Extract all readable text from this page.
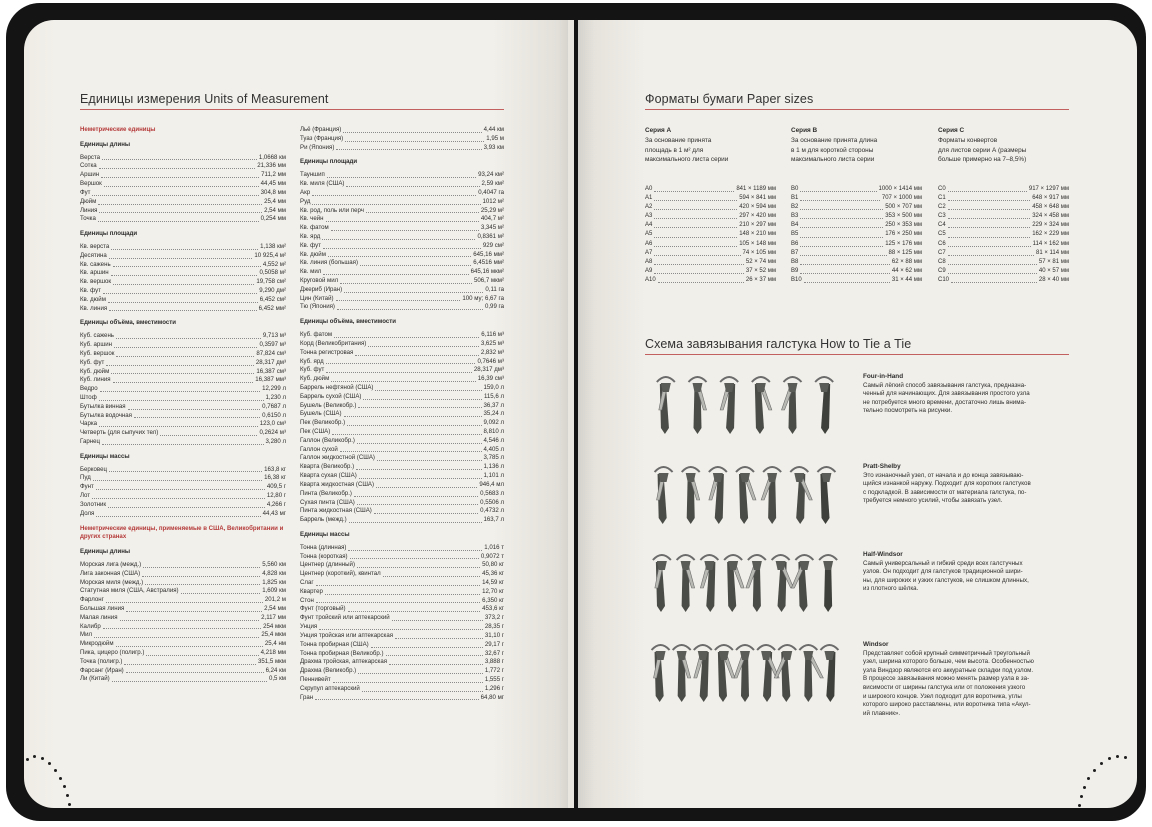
Единицы измерения Units of Measurement
Неметрические единицы
Единицы длины
Верста	1,0668 км
Сотка	21,336 мм
Аршин	711,2 мм
Вершок	44,45 мм
Фут	304,8 мм
Дюйм	25,4 мм
Линия	2,54 мм
Точка	0,254 мм
Единицы площади
Кв. верста	1,138 км²
Десятина	10 925,4 м²
Кв. сажень	4,552 м²
Кв. аршин	0,5058 м²
Кв. вершок	19,758 см²
Кв. фут	9,290 дм²
Кв. дюйм	6,452 см²
Кв. линия	6,452 мм²
Единицы объёма, вместимости
Куб. сажень	9,713 м³
Куб. аршин	0,3597 м³
Куб. вершок	87,824 см³
Куб. фут	28,317 дм³
Куб. дюйм	16,387 см³
Куб. линия	16,387 мм³
Ведро	12,299 л
Штоф	1,230 л
Бутылка винная	0,7687 л
Бутылка водочная	0,6150 л
Чарка	123,0 см³
Четверть (для сыпучих тел)	0,2624 м³
Гарнец	3,280 л
Единицы массы
Берковец	163,8 кг
Пуд	16,38 кг
Фунт	409,5 г
Лот	12,80 г
Золотник	4,266 г
Доля	44,43 мг
Неметрические единицы, применяемые в США, Великобритании и других странах
Единицы длины
Морская лига (межд.)	5,560 км
Лига законная (США)	4,828 км
Морская миля (межд.)	1,825 км
Статутная миля (США, Австралия)	1,609 км
Фарлонг	201,2 м
Большая линия	2,54 мм
Малая линия	2,117 мм
Калибр	254 мкм
Мил	25,4 мкм
Микродюйм	25,4 нм
Пика, цицеро (полигр.)	4,218 мм
Точка (полигр.)	351,5 мкм
Фарсанг (Иран)	6,24 км
Ли (Китай)	0,5 км
Льё (Франция)	4,44 км
Туаз (Франция)	1,95 м
Ри (Япония)	3,93 км
Единицы площади
Тауншип	93,24 км²
Кв. миля (США)	2,59 км²
Акр	0,4047 га
Руд	1012 м²
Кв. род, поль или перч	25,29 м²
Кв. чейн	404,7 м²
Кв. фатом	3,345 м²
Кв. ярд	0,8361 м²
Кв. фут	929 см²
Кв. дюйм	645,16 мм²
Кв. линия (большая)	6,4516 мм²
Кв. мил	645,16 мкм²
Круговой мил	506,7 мкм²
Джериб (Иран)	0,11 га
Цин (Китай)	100 му; 6,67 га
Тю (Япония)	0,99 га
Единицы объёма, вместимости
Куб. фатом	6,116 м³
Корд (Великобритания)	3,625 м³
Тонна регистровая	2,832 м³
Куб. ярд	0,7646 м³
Куб. фут	28,317 дм³
Куб. дюйм	16,39 см³
Баррель нефтяной (США)	159,0 л
Баррель сухой (США)	115,6 л
Бушель (Великобр.)	36,37 л
Бушель (США)	35,24 л
Пек (Великобр.)	9,092 л
Пек (США)	8,810 л
Галлон (Великобр.)	4,546 л
Галлон сухой	4,405 л
Галлон жидкостной (США)	3,785 л
Кварта (Великобр.)	1,136 л
Кварта сухая (США)	1,101 л
Кварта жидкостная (США)	946,4 мл
Пинта (Великобр.)	0,5683 л
Сухая пинта (США)	0,5506 л
Пинта жидкостная (США)	0,4732 л
Баррель (межд.)	163,7 л
Единицы массы
Тонна (длинная)	1,016 т
Тонна (короткая)	0,9072 т
Центнер (длинный)	50,80 кг
Центнер (короткий), квинтал	45,36 кг
Слаг	14,59 кг
Квартер	12,70 кг
Стон	6,350 кг
Фунт (торговый)	453,6 кг
Фунт тройский или аптекарский	373,2 г
Унция	28,35 г
Унция тройская или аптекарская	31,10 г
Тонна пробирная (США)	29,17 г
Тонна пробирная (Великобр.)	32,67 г
Драхма тройская, аптекарская	3,888 г
Драхма (Великобр.)	1,772 г
Пеннивейт	1,555 г
Скрупул аптекарский	1,296 г
Гран	64,80 мг
Форматы бумаги Paper sizes
Серия А
За основание принята
площадь в 1 м² для
максимального листа серии
A0	841 × 1189 мм
A1	594 × 841 мм
A2	420 × 594 мм
A3	297 × 420 мм
A4	210 × 297 мм
A5	148 × 210 мм
A6	105 × 148 мм
A7	74 × 105 мм
A8	52 × 74 мм
A9	37 × 52 мм
A10	26 × 37 мм
Серия B
За основание принята длина
в 1 м для короткой стороны
максимального листа серии
B0	1000 × 1414 мм
B1	707 × 1000 мм
B2	500 × 707 мм
B3	353 × 500 мм
B4	250 × 353 мм
B5	176 × 250 мм
B6	125 × 176 мм
B7	88 × 125 мм
B8	62 × 88 мм
B9	44 × 62 мм
B10	31 × 44 мм
Серия С
Форматы конвертов
для листов серии А (размеры
больше примерно на 7–8,5%)
C0	917 × 1297 мм
C1	648 × 917 мм
C2	458 × 648 мм
C3	324 × 458 мм
C4	229 × 324 мм
C5	162 × 229 мм
C6	114 × 162 мм
C7	81 × 114 мм
C8	57 × 81 мм
C9	40 × 57 мм
C10	28 × 40 мм
Схема завязывания галстука How to Tie a Tie
Four-in-Hand
Самый лёгкий способ завязывания галстука, предназна-
ченный для начинающих. Для завязывания простого узла
не потребуется много времени, достаточно лишь внима-
тельно посмотреть на рисунки.
Pratt-Shelby
Это изнаночный узел, от начала и до конца завязываю-
щийся изнанкой наружу. Подходит для коротких галстуков
с подкладкой. В зависимости от материала галстука, по-
требуется немного усилий, чтобы завязать узел.
Half-Windsor
Самый универсальный и гибкий среди всех галстучных
узлов. Он подходит для галстуков традиционной шири-
ны, для широких и узких галстуков, не слишком длинных,
из плотного шёлка.
Windsor
Представляет собой крупный симметричный треугольный
узел, ширина которого больше, чем высота. Особенностью
узла Виндзор являются его аккуратные складки под узлом.
В процессе завязывания можно менять размер узла в за-
висимости от ширины галстука или от положения узкого
и широкого концов. Узел подходит для воротника, углы
которого широко расставлены, или воротника типа «Акул-
ий плавник».
